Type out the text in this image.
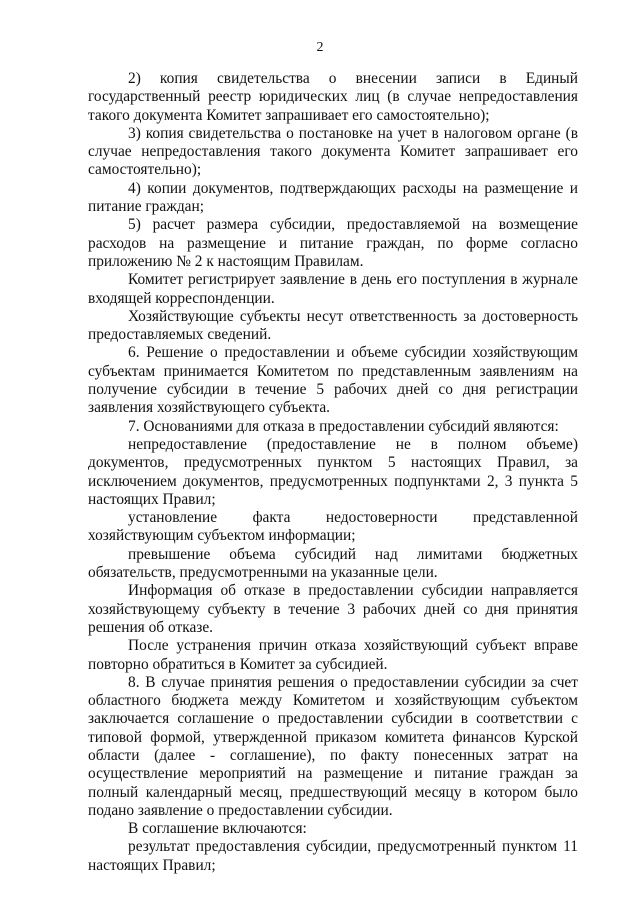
2

2) копия свидетельства о внесении записи в Единый государственный реестр юридических лиц (в случае непредоставления такого документа Комитет запрашивает его самостоятельно);

3) копия свидетельства о постановке на учет в налоговом органе (в случае непредоставления такого документа Комитет запрашивает его самостоятельно);

4) копии документов, подтверждающих расходы на размещение и питание граждан;

5) расчет размера субсидии, предоставляемой на возмещение расходов на размещение и питание граждан, по форме согласно приложению № 2 к настоящим Правилам.

Комитет регистрирует заявление в день его поступления в журнале входящей корреспонденции.

Хозяйствующие субъекты несут ответственность за достоверность предоставляемых сведений.

6. Решение о предоставлении и объеме субсидии хозяйствующим субъектам принимается Комитетом по представленным заявлениям на получение субсидии в течение 5 рабочих дней со дня регистрации заявления хозяйствующего субъекта.

7. Основаниями для отказа в предоставлении субсидий являются:

непредоставление (предоставление не в полном объеме) документов, предусмотренных пунктом 5 настоящих Правил, за исключением документов, предусмотренных подпунктами 2, 3 пункта 5 настоящих Правил;

установление факта недостоверности представленной хозяйствующим субъектом информации;

превышение объема субсидий над лимитами бюджетных обязательств, предусмотренными на указанные цели.

Информация об отказе в предоставлении субсидии направляется хозяйствующему субъекту в течение 3 рабочих дней со дня принятия решения об отказе.

После устранения причин отказа хозяйствующий субъект вправе повторно обратиться в Комитет за субсидией.

8. В случае принятия решения о предоставлении субсидии за счет областного бюджета между Комитетом и хозяйствующим субъектом заключается соглашение о предоставлении субсидии в соответствии с типовой формой, утвержденной приказом комитета финансов Курской области (далее - соглашение), по факту понесенных затрат на осуществление мероприятий на размещение и питание граждан за полный календарный месяц, предшествующий месяцу в котором было подано заявление о предоставлении субсидии.

В соглашение включаются:

результат предоставления субсидии, предусмотренный пунктом 11 настоящих Правил;
